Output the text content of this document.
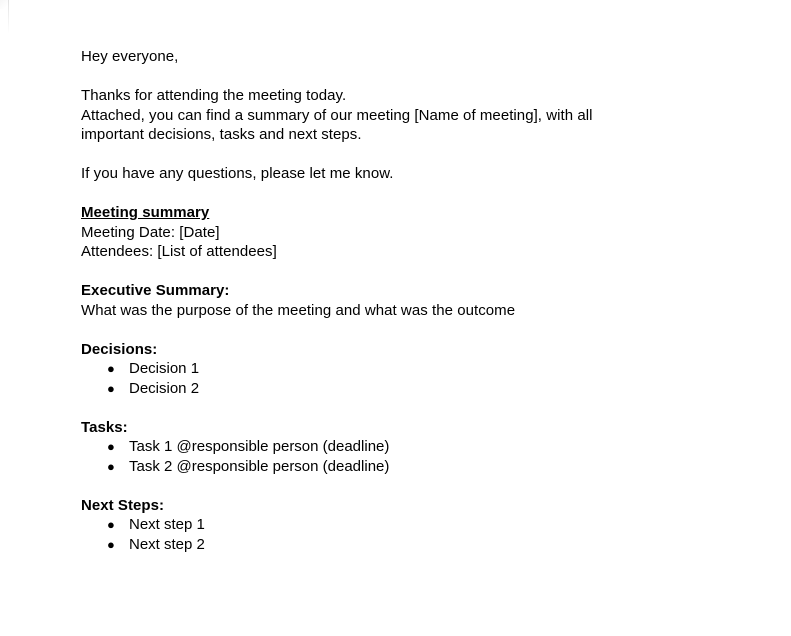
Hey everyone,

Thanks for attending the meeting today.

Attached, you can find a summary of our meeting [Name of meeting], with all important decisions, tasks and next steps.

If you have any questions, please let me know.

Meeting summary

Meeting Date: [Date]

Attendees: [List of attendees]

Executive Summary:

What was the purpose of the meeting and what was the outcome

Decisions:

● Decision 1
● Decision 2

Tasks:

● Task 1 @responsible person (deadline)
● Task 2 @responsible person (deadline)

Next Steps:

● Next step 1
● Next step 2
